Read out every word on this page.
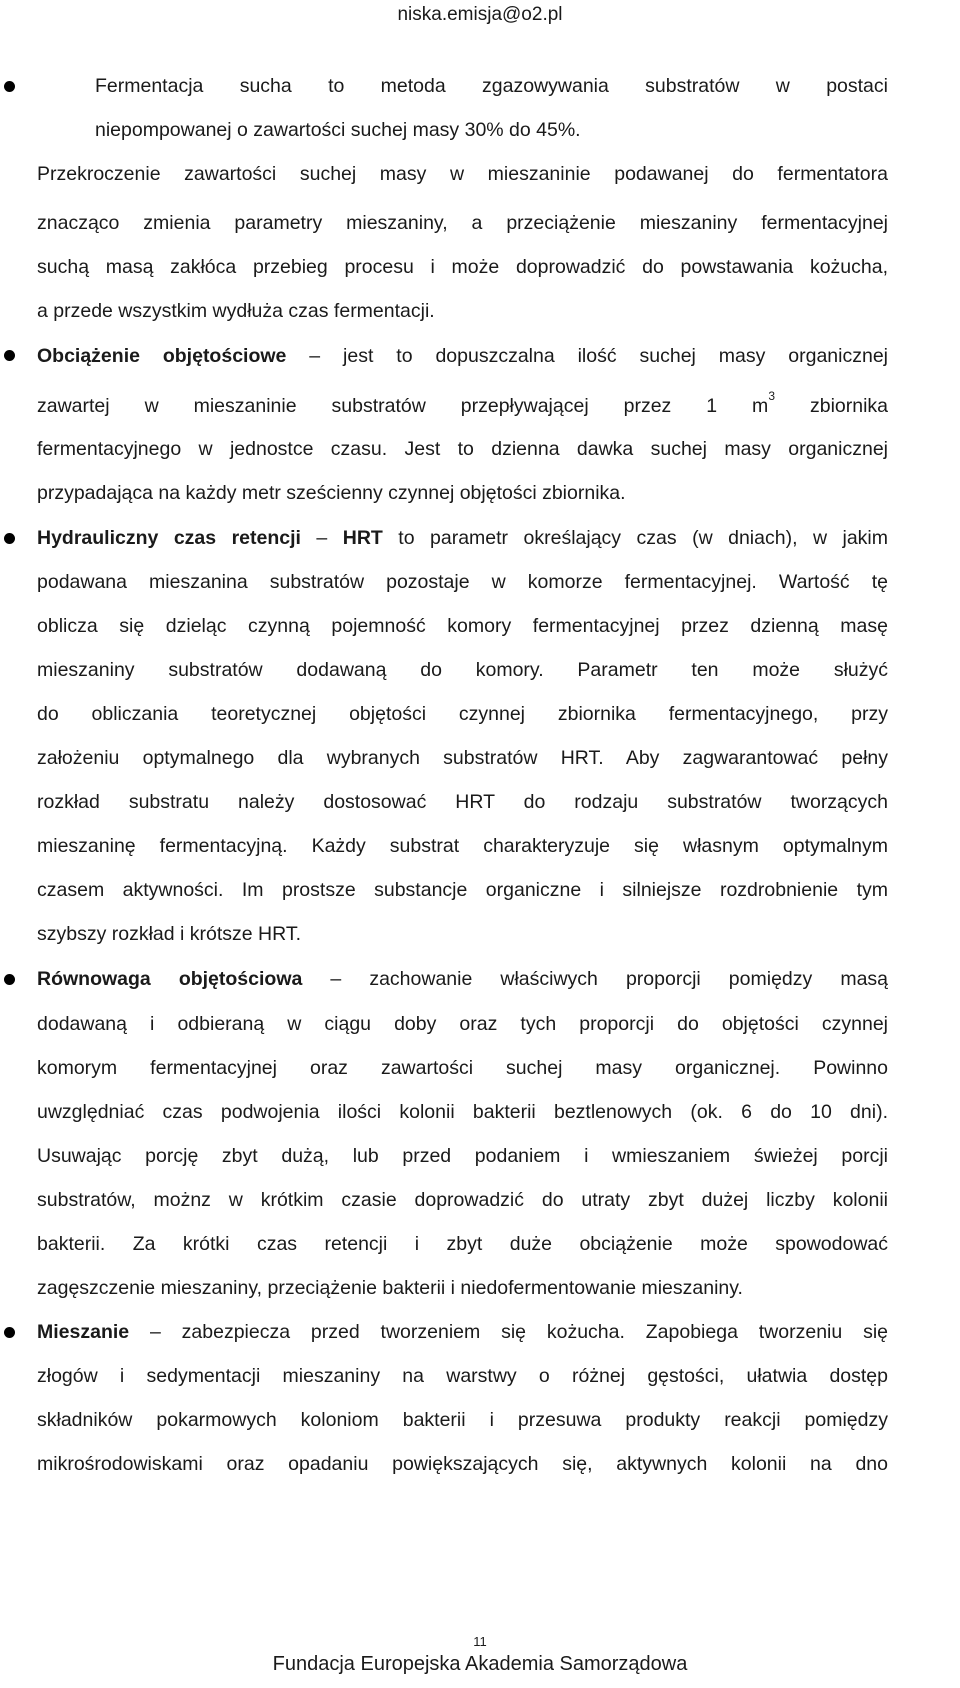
niska.emisja@o2.pl
Fermentacja sucha to metoda zgazowywania substratów w postaci
niepompowanej o zawartości suchej masy 30% do 45%.
Przekroczenie zawartości suchej masy w mieszaninie podawanej do fermentatora
znacząco zmienia parametry mieszaniny, a przeciążenie mieszaniny fermentacyjnej
suchą masą zakłóca przebieg procesu i może doprowadzić do powstawania kożucha,
a przede wszystkim wydłuża czas fermentacji.
Obciążenie objętościowe – jest to dopuszczalna ilość suchej masy organicznej
zawartej w mieszaninie substratów przepływającej przez 1 $m^3$ zbiornika
fermentacyjnego w jednostce czasu. Jest to dzienna dawka suchej masy organicznej
przypadająca na każdy metr sześcienny czynnej objętości zbiornika.
Hydrauliczny czas retencji – HRT to parametr określający czas (w dniach), w jakim
podawana mieszanina substratów pozostaje w komorze fermentacyjnej. Wartość tę
oblicza się dzieląc czynną pojemność komory fermentacyjnej przez dzienną masę
mieszaniny substratów dodawaną do komory. Parametr ten może służyć
do obliczania teoretycznej objętości czynnej zbiornika fermentacyjnego, przy
założeniu optymalnego dla wybranych substratów HRT. Aby zagwarantować pełny
rozkład substratu należy dostosować HRT do rodzaju substratów tworzących
mieszaninę fermentacyjną. Każdy substrat charakteryzuje się własnym optymalnym
czasem aktywności. Im prostsze substancje organiczne i silniejsze rozdrobnienie tym
szybszy rozkład i krótsze HRT.
Równowaga objętościowa – zachowanie właściwych proporcji pomiędzy masą
dodawaną i odbieraną w ciągu doby oraz tych proporcji do objętości czynnej
komorym fermentacyjnej oraz zawartości suchej masy organicznej. Powinno
uwzględniać czas podwojenia ilości kolonii bakterii beztlenowych (ok. 6 do 10 dni).
Usuwając porcję zbyt dużą, lub przed podaniem i wmieszaniem świeżej porcji
substratów, możnz w krótkim czasie doprowadzić do utraty zbyt dużej liczby kolonii
bakterii. Za krótki czas retencji i zbyt duże obciążenie może spowodować
zagęszczenie mieszaniny, przeciążenie bakterii i niedofermentowanie mieszaniny.
Mieszanie – zabezpiecza przed tworzeniem się kożucha. Zapobiega tworzeniu się
złogów i sedymentacji mieszaniny na warstwy o różnej gęstości, ułatwia dostęp
składników pokarmowych koloniom bakterii i przesuwa produkty reakcji pomiędzy
mikrośrodowiskami oraz opadaniu powiększających się, aktywnych kolonii na dno
11
Fundacja Europejska Akademia Samorządowa
